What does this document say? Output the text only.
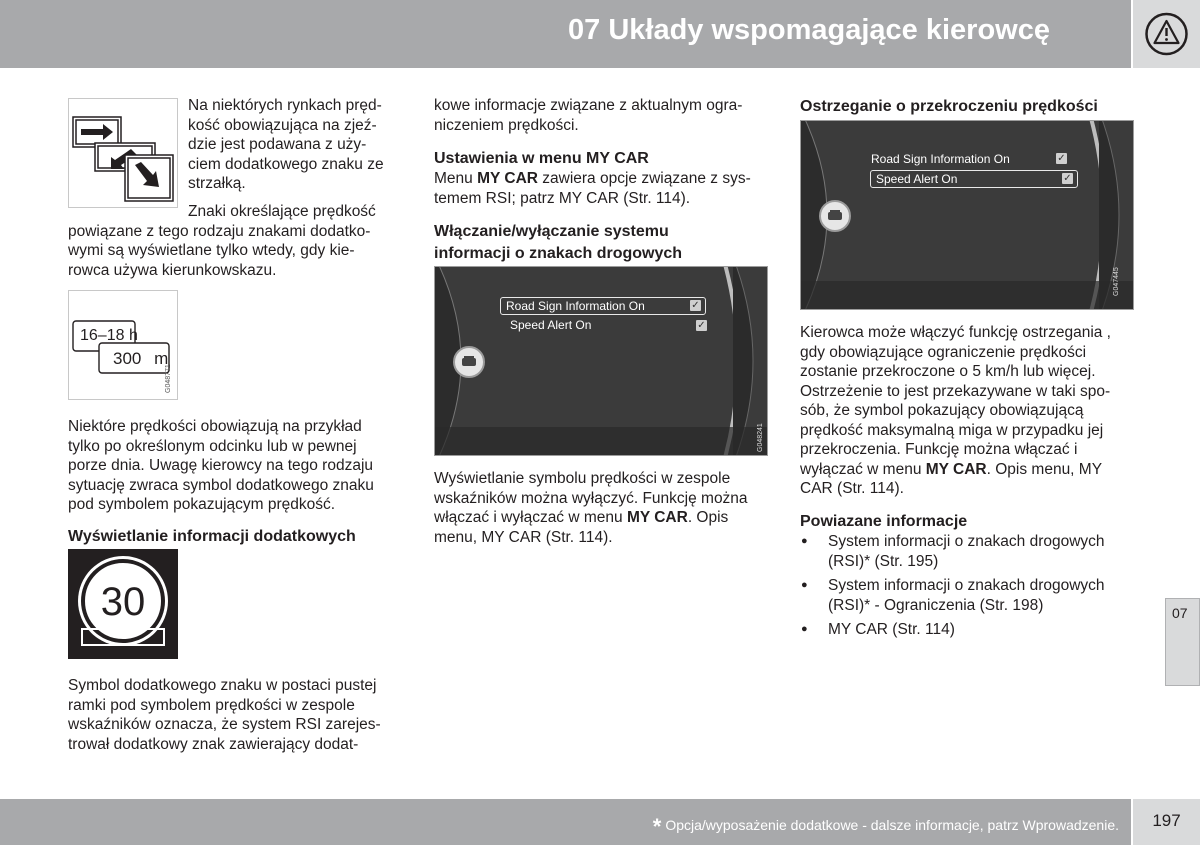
07 Układy wspomagające kierowcę
Na niektórych rynkach pręd-
kość obowiązująca na zjeź-
dzie jest podawana z uży-
ciem dodatkowego znaku ze
strzałką.
Znaki określające prędkość
powiązane z tego rodzaju znakami dodatko-
wymi są wyświetlane tylko wtedy, gdy kie-
rowca używa kierunkowskazu.
16–18 h
300 m
G048771
Niektóre prędkości obowiązują na przykład
tylko po określonym odcinku lub w pewnej
porze dnia. Uwagę kierowcy na tego rodzaju
sytuację zwraca symbol dodatkowego znaku
pod symbolem pokazującym prędkość.
Wyświetlanie informacji dodatkowych
30
Symbol dodatkowego znaku w postaci pustej
ramki pod symbolem prędkości w zespole
wskaźników oznacza, że system RSI zarejes-
trował dodatkowy znak zawierający dodat-
kowe informacje związane z aktualnym ogra-
niczeniem prędkości.
Ustawienia w menu MY CAR
Menu MY CAR zawiera opcje związane z sys-
temem RSI; patrz MY CAR (Str. 114).
Włączanie/wyłączanie systemu
informacji o znakach drogowych
Road Sign Information On	✓
Speed Alert On	✓
G048241
Wyświetlanie symbolu prędkości w zespole
wskaźników można wyłączyć. Funkcję można
włączać i wyłączać w menu MY CAR. Opis
menu, MY CAR (Str. 114).
Ostrzeganie o przekroczeniu prędkości
Road Sign Information On	✓
Speed Alert On	✓
G047445
Kierowca może włączyć funkcję ostrzegania ,
gdy obowiązujące ograniczenie prędkości
zostanie przekroczone o 5 km/h lub więcej.
Ostrzeżenie to jest przekazywane w taki spo-
sób, że symbol pokazujący obowiązującą
prędkość maksymalną miga w przypadku jej
przekroczenia. Funkcję można włączać i
wyłączać w menu MY CAR. Opis menu, MY
CAR (Str. 114).
Powiazane informacje
● System informacji o znakach drogowych
(RSI)* (Str. 195)
● System informacji o znakach drogowych
(RSI)* - Ograniczenia (Str. 198)
● MY CAR (Str. 114)
07
* Opcja/wyposażenie dodatkowe - dalsze informacje, patrz Wprowadzenie.	197
